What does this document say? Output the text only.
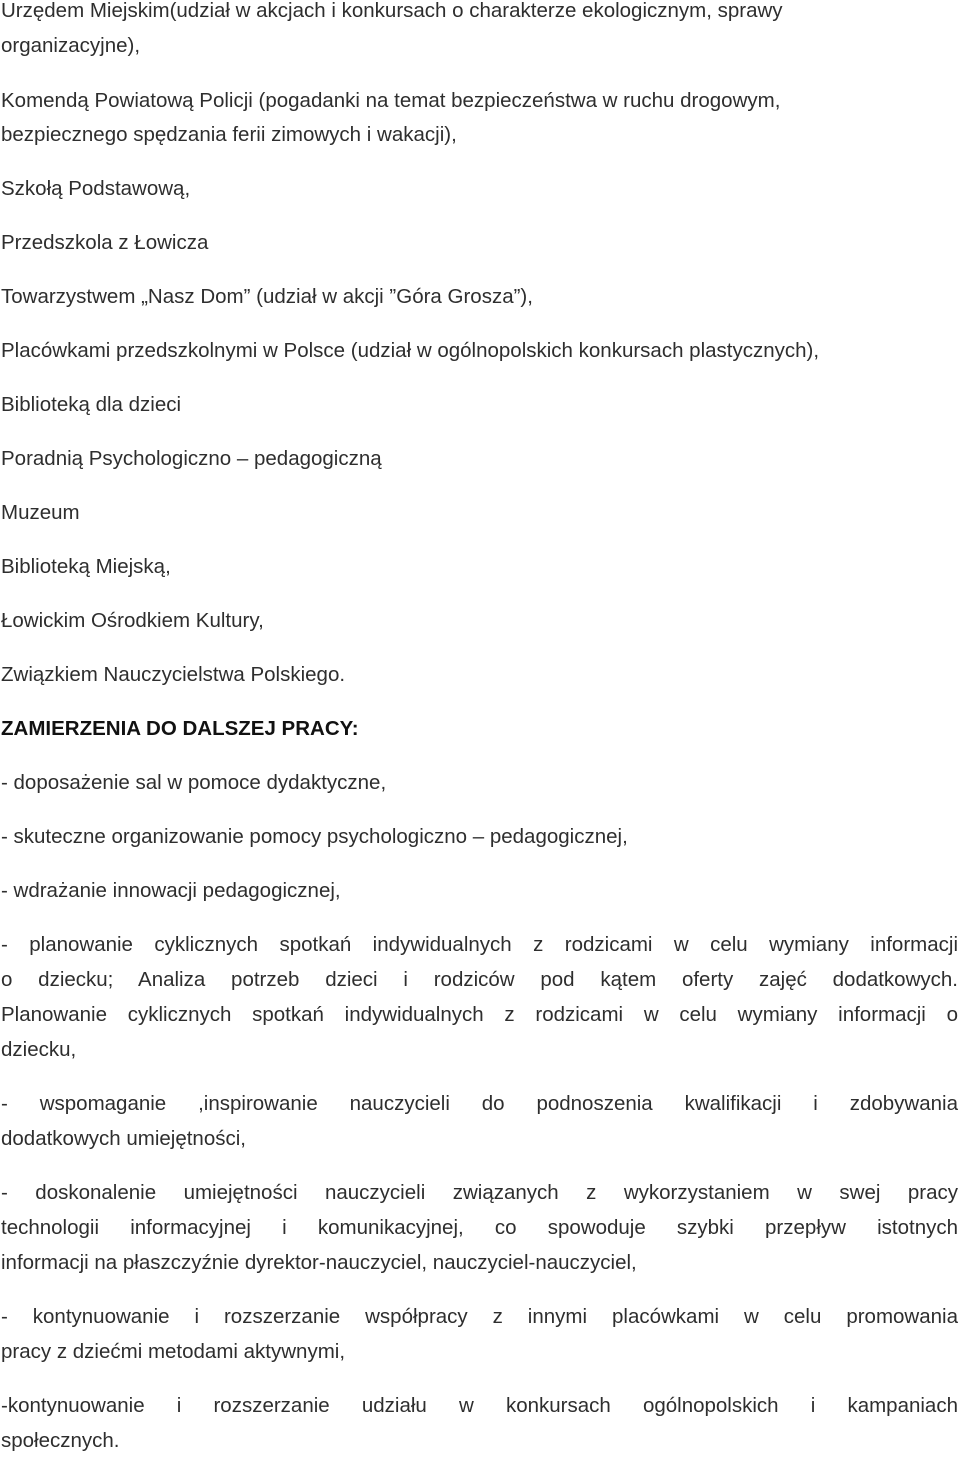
Urzędem Miejskim(udział w akcjach i konkursach o charakterze ekologicznym, sprawy

organizacyjne),

Komendą Powiatową Policji (pogadanki na temat bezpieczeństwa w ruchu drogowym,

bezpiecznego spędzania ferii zimowych i wakacji),

Szkołą Podstawową,

Przedszkola z Łowicza

Towarzystwem „Nasz Dom” (udział w akcji ”Góra Grosza”),

Placówkami przedszkolnymi w Polsce (udział w ogólnopolskich konkursach plastycznych),

Biblioteką dla dzieci

Poradnią Psychologiczno – pedagogiczną

Muzeum

Biblioteką Miejską,

Łowickim Ośrodkiem Kultury,

Związkiem Nauczycielstwa Polskiego.

ZAMIERZENIA DO DALSZEJ PRACY:

- doposażenie sal w pomoce dydaktyczne,

- skuteczne organizowanie pomocy psychologiczno – pedagogicznej,

- wdrażanie innowacji pedagogicznej,

- planowanie cyklicznych spotkań indywidualnych z rodzicami w celu wymiany informacji

o dziecku; Analiza potrzeb dzieci i rodziców pod kątem oferty zajęć dodatkowych.

Planowanie cyklicznych spotkań indywidualnych z rodzicami w celu wymiany informacji o

dziecku,

- wspomaganie ,inspirowanie nauczycieli do podnoszenia kwalifikacji i zdobywania

dodatkowych umiejętności,

- doskonalenie umiejętności nauczycieli związanych z wykorzystaniem w swej pracy

technologii informacyjnej i komunikacyjnej, co spowoduje szybki przepływ istotnych

informacji na płaszczyźnie dyrektor-nauczyciel, nauczyciel-nauczyciel,

- kontynuowanie i rozszerzanie współpracy z innymi placówkami w celu promowania

pracy z dziećmi metodami aktywnymi,

-kontynuowanie i rozszerzanie udziału w konkursach ogólnopolskich i kampaniach

społecznych.
